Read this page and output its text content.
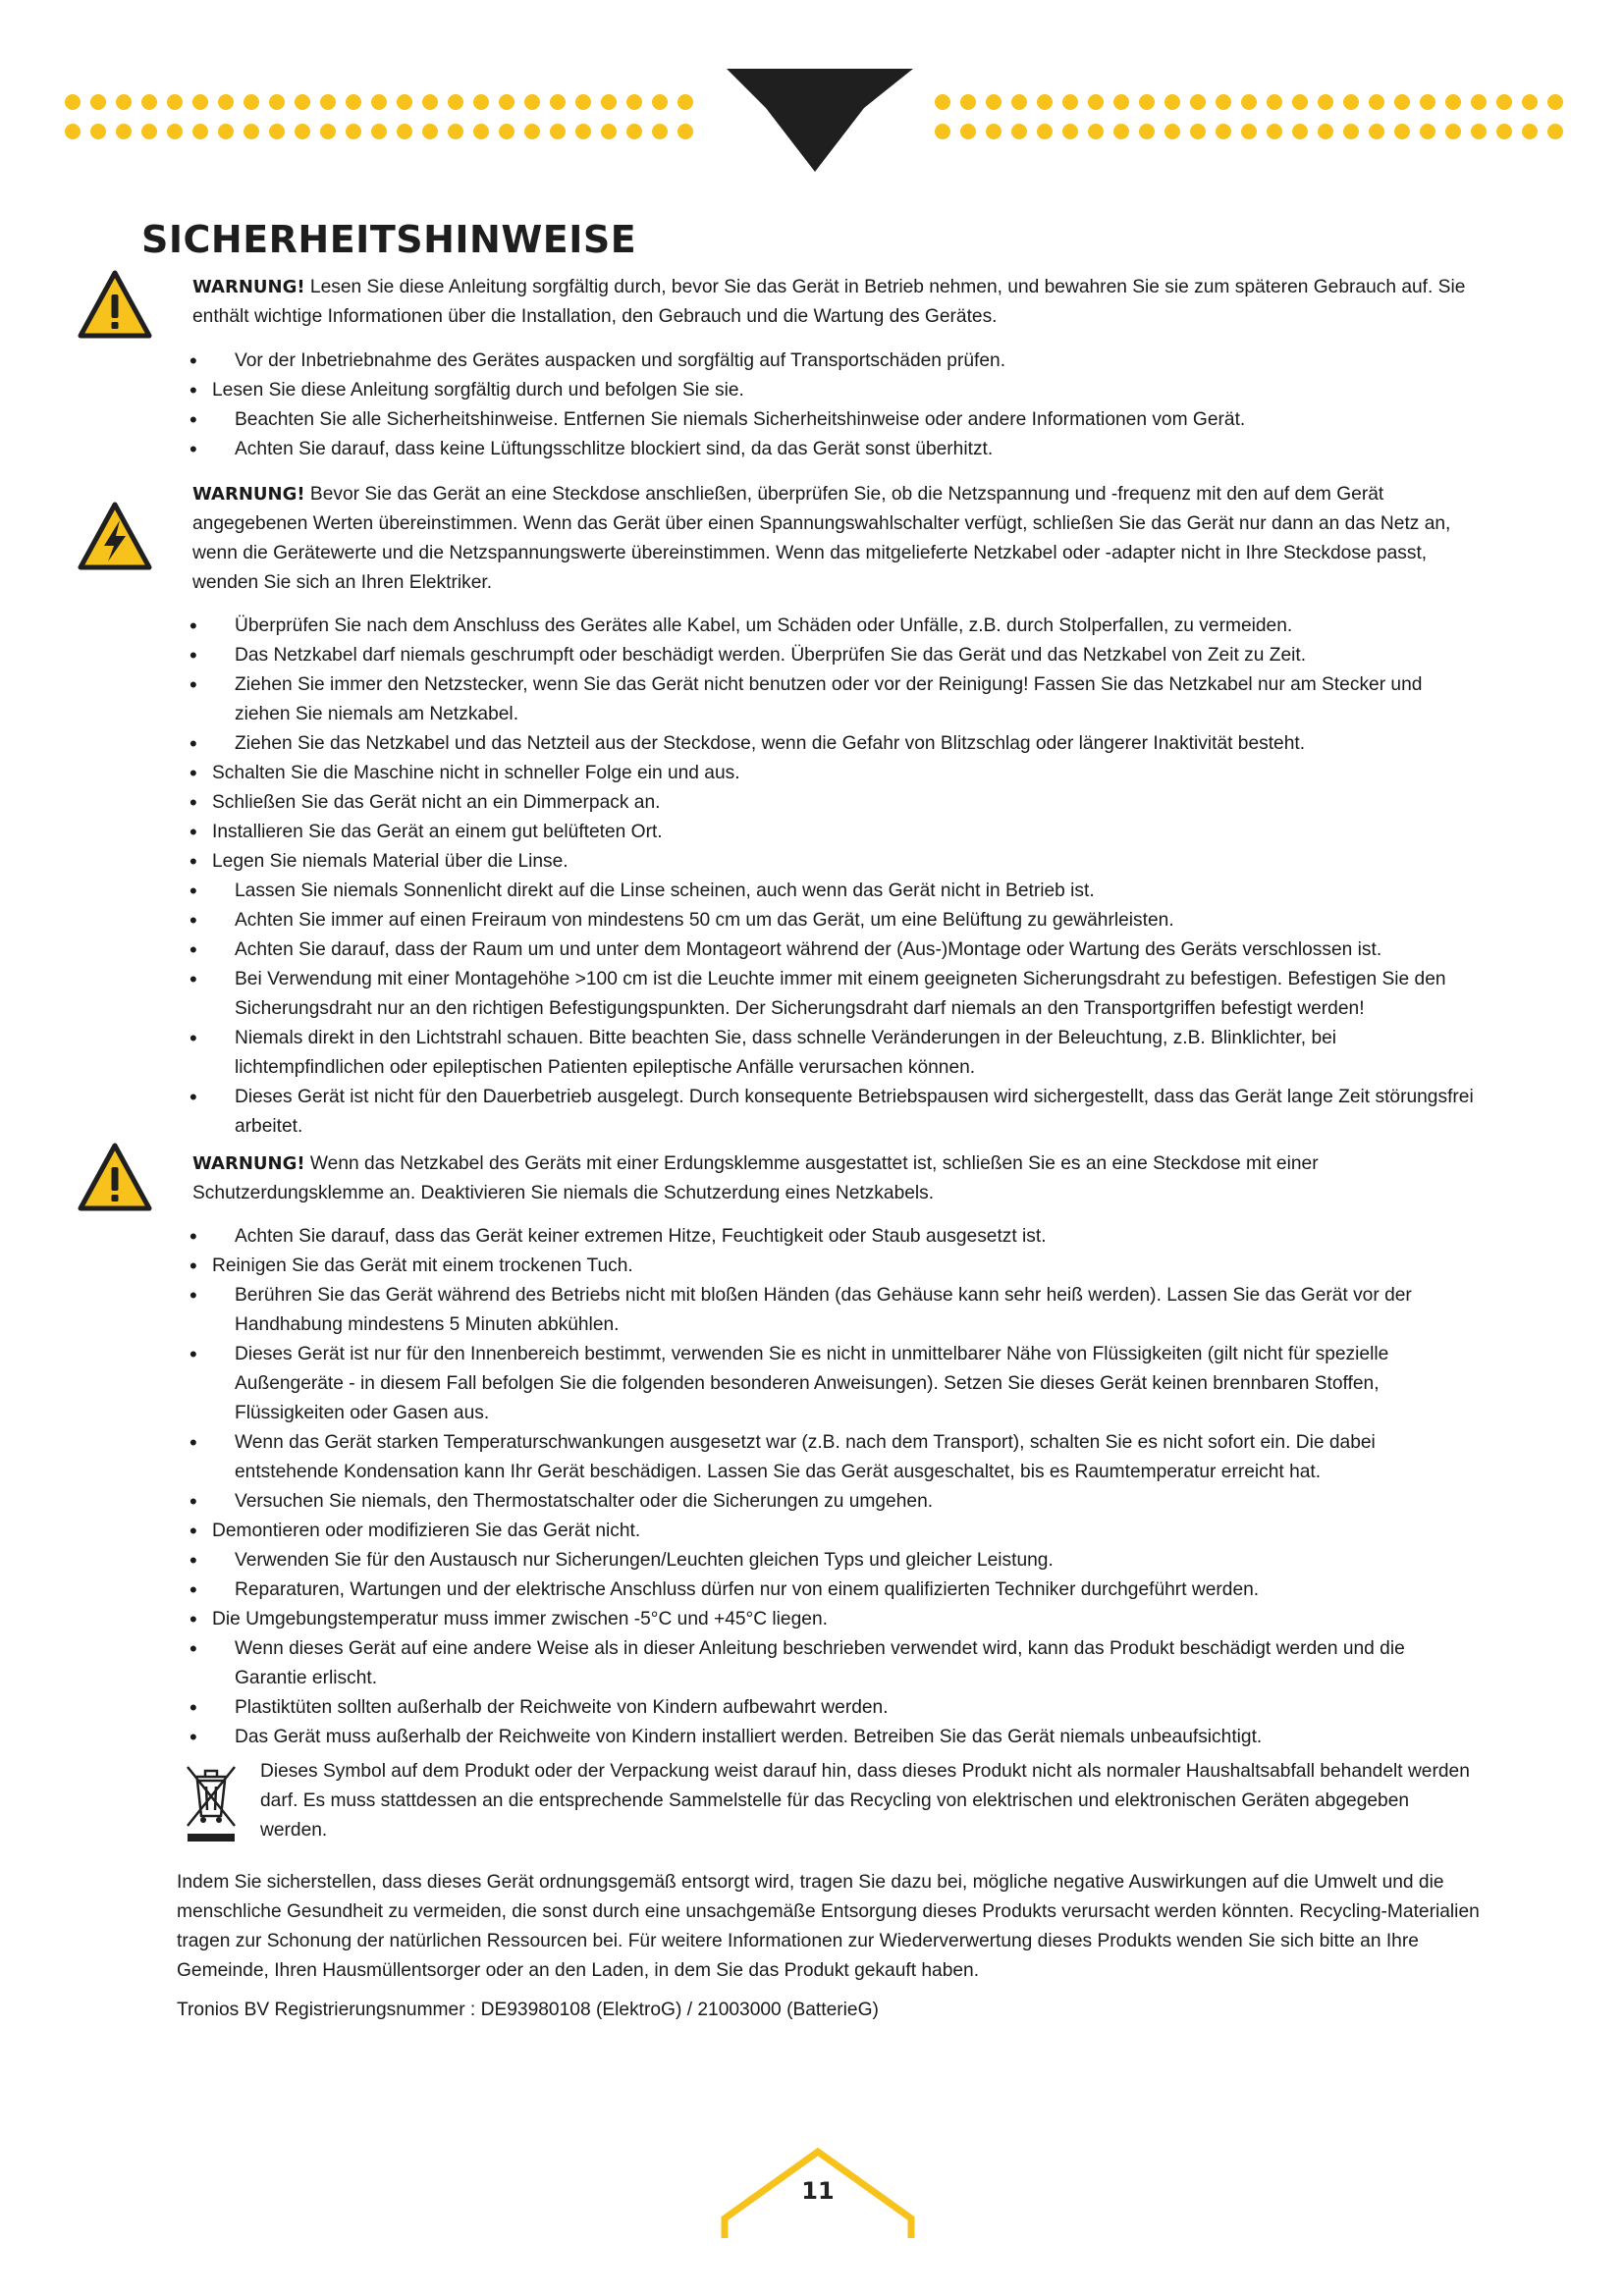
SICHERHEITSHINWEISE
WARNUNG! Lesen Sie diese Anleitung sorgfältig durch, bevor Sie das Gerät in Betrieb nehmen, und bewahren Sie sie zum späteren Gebrauch auf. Sie enthält wichtige Informationen über die Installation, den Gebrauch und die Wartung des Gerätes.
• Vor der Inbetriebnahme des Gerätes auspacken und sorgfältig auf Transportschäden prüfen.
• Lesen Sie diese Anleitung sorgfältig durch und befolgen Sie sie.
• Beachten Sie alle Sicherheitshinweise. Entfernen Sie niemals Sicherheitshinweise oder andere Informationen vom Gerät.
• Achten Sie darauf, dass keine Lüftungsschlitze blockiert sind, da das Gerät sonst überhitzt.
WARNUNG! Bevor Sie das Gerät an eine Steckdose anschließen, überprüfen Sie, ob die Netzspannung und -frequenz mit den auf dem Gerät angegebenen Werten übereinstimmen. Wenn das Gerät über einen Spannungswahlschalter verfügt, schließen Sie das Gerät nur dann an das Netz an, wenn die Gerätewerte und die Netzspannungswerte übereinstimmen. Wenn das mitgelieferte Netzkabel oder -adapter nicht in Ihre Steckdose passt, wenden Sie sich an Ihren Elektriker.
• Überprüfen Sie nach dem Anschluss des Gerätes alle Kabel, um Schäden oder Unfälle, z.B. durch Stolperfallen, zu vermeiden.
• Das Netzkabel darf niemals geschrumpft oder beschädigt werden. Überprüfen Sie das Gerät und das Netzkabel von Zeit zu Zeit.
• Ziehen Sie immer den Netzstecker, wenn Sie das Gerät nicht benutzen oder vor der Reinigung! Fassen Sie das Netzkabel nur am Stecker und ziehen Sie niemals am Netzkabel.
• Ziehen Sie das Netzkabel und das Netzteil aus der Steckdose, wenn die Gefahr von Blitzschlag oder längerer Inaktivität besteht.
• Schalten Sie die Maschine nicht in schneller Folge ein und aus.
• Schließen Sie das Gerät nicht an ein Dimmerpack an.
• Installieren Sie das Gerät an einem gut belüfteten Ort.
• Legen Sie niemals Material über die Linse.
• Lassen Sie niemals Sonnenlicht direkt auf die Linse scheinen, auch wenn das Gerät nicht in Betrieb ist.
• Achten Sie immer auf einen Freiraum von mindestens 50 cm um das Gerät, um eine Belüftung zu gewährleisten.
• Achten Sie darauf, dass der Raum um und unter dem Montageort während der (Aus-)Montage oder Wartung des Geräts verschlossen ist.
• Bei Verwendung mit einer Montagehöhe >100 cm ist die Leuchte immer mit einem geeigneten Sicherungsdraht zu befestigen. Befestigen Sie den Sicherungsdraht nur an den richtigen Befestigungspunkten. Der Sicherungsdraht darf niemals an den Transportgriffen befestigt werden!
• Niemals direkt in den Lichtstrahl schauen. Bitte beachten Sie, dass schnelle Veränderungen in der Beleuchtung, z.B. Blinklichter, bei lichtempfindlichen oder epileptischen Patienten epileptische Anfälle verursachen können.
• Dieses Gerät ist nicht für den Dauerbetrieb ausgelegt. Durch konsequente Betriebspausen wird sichergestellt, dass das Gerät lange Zeit störungsfrei arbeitet.
WARNUNG! Wenn das Netzkabel des Geräts mit einer Erdungsklemme ausgestattet ist, schließen Sie es an eine Steckdose mit einer Schutzerdungsklemme an. Deaktivieren Sie niemals die Schutzerdung eines Netzkabels.
• Achten Sie darauf, dass das Gerät keiner extremen Hitze, Feuchtigkeit oder Staub ausgesetzt ist.
• Reinigen Sie das Gerät mit einem trockenen Tuch.
• Berühren Sie das Gerät während des Betriebs nicht mit bloßen Händen (das Gehäuse kann sehr heiß werden). Lassen Sie das Gerät vor der Handhabung mindestens 5 Minuten abkühlen.
• Dieses Gerät ist nur für den Innenbereich bestimmt, verwenden Sie es nicht in unmittelbarer Nähe von Flüssigkeiten (gilt nicht für spezielle Außengeräte - in diesem Fall befolgen Sie die folgenden besonderen Anweisungen). Setzen Sie dieses Gerät keinen brennbaren Stoffen, Flüssigkeiten oder Gasen aus.
• Wenn das Gerät starken Temperaturschwankungen ausgesetzt war (z.B. nach dem Transport), schalten Sie es nicht sofort ein. Die dabei entstehende Kondensation kann Ihr Gerät beschädigen. Lassen Sie das Gerät ausgeschaltet, bis es Raumtemperatur erreicht hat.
• Versuchen Sie niemals, den Thermostatschalter oder die Sicherungen zu umgehen.
• Demontieren oder modifizieren Sie das Gerät nicht.
• Verwenden Sie für den Austausch nur Sicherungen/Leuchten gleichen Typs und gleicher Leistung.
• Reparaturen, Wartungen und der elektrische Anschluss dürfen nur von einem qualifizierten Techniker durchgeführt werden.
• Die Umgebungstemperatur muss immer zwischen -5°C und +45°C liegen.
• Wenn dieses Gerät auf eine andere Weise als in dieser Anleitung beschrieben verwendet wird, kann das Produkt beschädigt werden und die Garantie erlischt.
• Plastiktüten sollten außerhalb der Reichweite von Kindern aufbewahrt werden.
• Das Gerät muss außerhalb der Reichweite von Kindern installiert werden. Betreiben Sie das Gerät niemals unbeaufsichtigt.
Dieses Symbol auf dem Produkt oder der Verpackung weist darauf hin, dass dieses Produkt nicht als normaler Haushaltsabfall behandelt werden darf. Es muss stattdessen an die entsprechende Sammelstelle für das Recycling von elektrischen und elektronischen Geräten abgegeben werden.
Indem Sie sicherstellen, dass dieses Gerät ordnungsgemäß entsorgt wird, tragen Sie dazu bei, mögliche negative Auswirkungen auf die Umwelt und die menschliche Gesundheit zu vermeiden, die sonst durch eine unsachgemäße Entsorgung dieses Produkts verursacht werden könnten. Recycling-Materialien tragen zur Schonung der natürlichen Ressourcen bei. Für weitere Informationen zur Wiederverwertung dieses Produkts wenden Sie sich bitte an Ihre Gemeinde, Ihren Hausmüllentsorger oder an den Laden, in dem Sie das Produkt gekauft haben.
Tronios BV Registrierungsnummer : DE93980108 (ElektroG) / 21003000 (BatterieG)
11
